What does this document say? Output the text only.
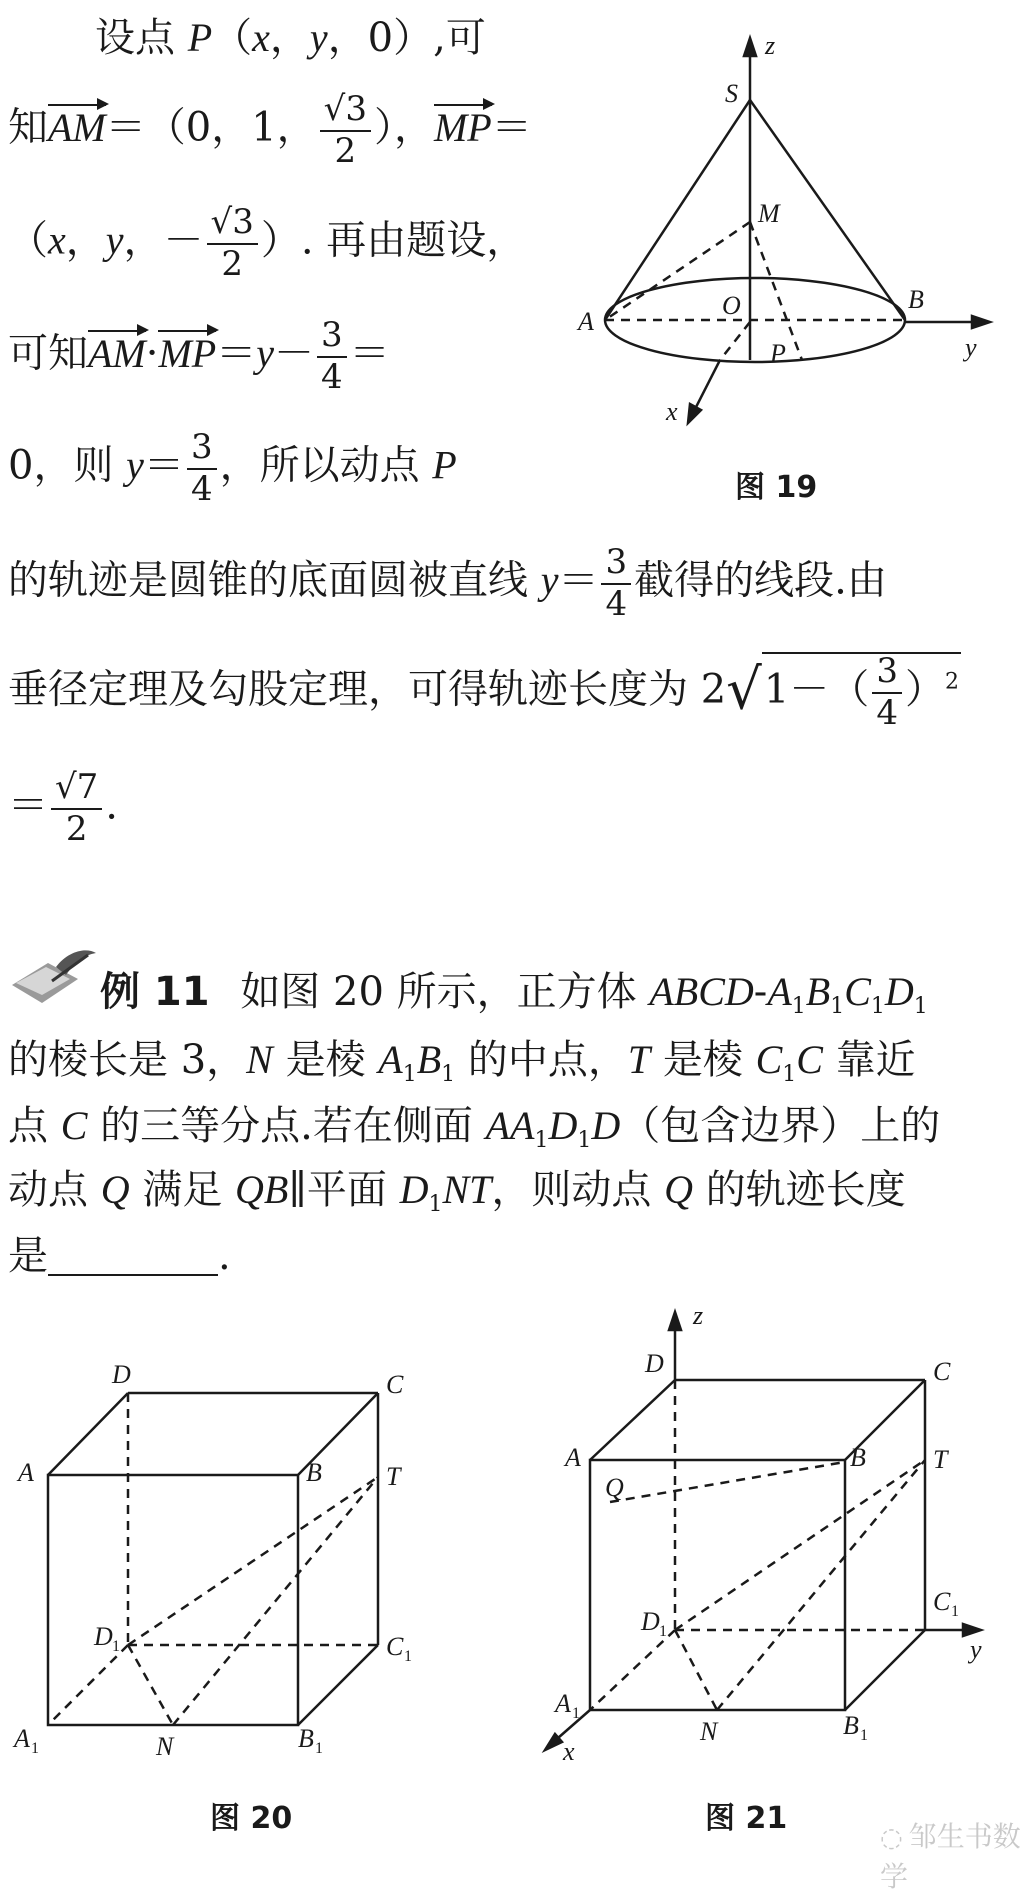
设点 P（x，y，0）,可
知AM＝（0，1， $\frac{√3}{2}$ ），MP＝
（x，y，－ $\frac{√3}{2}$ ）. 再由题设，
可知$AM\cdot MP=y- \frac{3}{4}$ ＝
0，则 $y= \frac{3}{4}$ ，所以动点 P
的轨迹是圆锥的底面圆被直线 $y= \frac{3}{4}$ 截得的线段.由
垂径定理及勾股定理，可得轨迹长度为 $2√1-( \frac{3}{4} )^2$
＝ $\frac{√7}{2}$ .
例 11 如图 20 所示，正方体 ABCD-$A_1B_1C_1D_1$
的棱长是 3，N 是棱 $A_1B_1$ 的中点，T 是棱 $C_1C$ 靠近
点 C 的三等分点.若在侧面 $AA_1D_1D$（包含边界）上的
动点 Q 满足 QB∥平面 $D_1NT$，则动点 Q 的轨迹长度
是	.
z
S
M
A
O	B
y
P
x
图 19
D	C
A	B T
D 1	C 1
A 1	N	B 1
图 20
z
D	C
A	B	T
Q
D 1
C 1
y
A 1
N	B 1
x
图 21
◌ 邹生书数学
